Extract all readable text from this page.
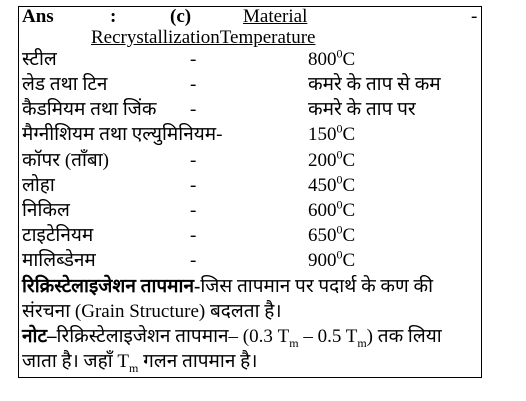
Ans	:	(c)	Material	-
RecrystallizationTemperature
स्टील	-	$800^0C$
लेड तथा टिन	-	कमरे के ताप से कम
कैडमियम तथा जिंक -	कमरे के ताप पर
मैग्नीशियम तथा एल्युमिनियम-	$150^0C$
कॉपर (ताँबा)	-	$200^0C$
लोहा	-	$450^0C$
निकिल	-	$600^0C$
टाइटेनियम	-	$650^0C$
मालिब्डेनम	-	$900^0C$
रिक्रिस्टेलाइजेशन तापमान-जिस तापमान पर पदार्थ के कण की
संरचना (Grain Structure) बदलता है।
नोट–रिक्रिस्टेलाइजेशन तापमान– (0.3 $T_m - 0.5$ $T_m$) तक लिया
जाता है। जहाँ $T_m$ गलन तापमान है।
